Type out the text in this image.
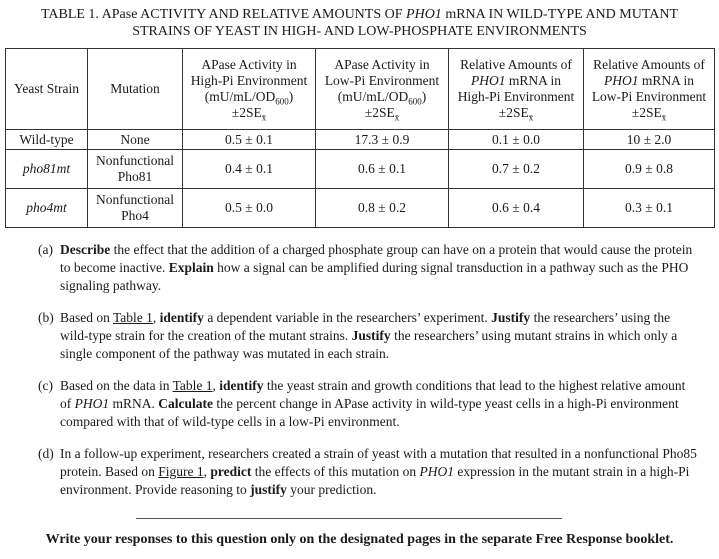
TABLE 1. APase ACTIVITY AND RELATIVE AMOUNTS OF PHO1 mRNA IN WILD-TYPE AND MUTANT
STRAINS OF YEAST IN HIGH- AND LOW-PHOSPHATE ENVIRONMENTS
Yeast Strain	Mutation	APase Activity in
High-Pi Environment
$(mU/mL/OD_{600})$
$\pm 2SE_{x̄}$	APase Activity in
Low-Pi Environment
$(mU/mL/OD_{600})$
$\pm 2SE_{x̄}$	Relative Amounts of
PHO1 mRNA in
High-Pi Environment
$\pm 2SE_{x̄}$	Relative Amounts of
PHO1 mRNA in
Low-Pi Environment
$\pm 2SE_{x̄}$

Wild-type	None	0.5 ± 0.1	17.3 ± 0.9	0.1 ± 0.0	10 ± 2.0
pho81mt	Nonfunctional
Pho81	0.4 ± 0.1	0.6 ± 0.1	0.7 ± 0.2	0.9 ± 0.8
pho4mt	Nonfunctional
Pho4	0.5 ± 0.0	0.8 ± 0.2	0.6 ± 0.4	0.3 ± 0.1
(a) Describe the effect that the addition of a charged phosphate group can have on a protein that would cause the protein to become inactive. Explain how a signal can be amplified during signal transduction in a pathway such as the PHO signaling pathway.
(b) Based on Table 1, identify a dependent variable in the researchers’ experiment. Justify the researchers’ using the wild-type strain for the creation of the mutant strains. Justify the researchers’ using mutant strains in which only a single component of the pathway was mutated in each strain.
(c) Based on the data in Table 1, identify the yeast strain and growth conditions that lead to the highest relative amount of PHO1 mRNA. Calculate the percent change in APase activity in wild-type yeast cells in a high-Pi environment compared with that of wild-type cells in a low-Pi environment.
(d) In a follow-up experiment, researchers created a strain of yeast with a mutation that resulted in a nonfunctional Pho85 protein. Based on Figure 1, predict the effects of this mutation on PHO1 expression in the mutant strain in a high-Pi environment. Provide reasoning to justify your prediction.
Write your responses to this question only on the designated pages in the separate Free Response booklet.
